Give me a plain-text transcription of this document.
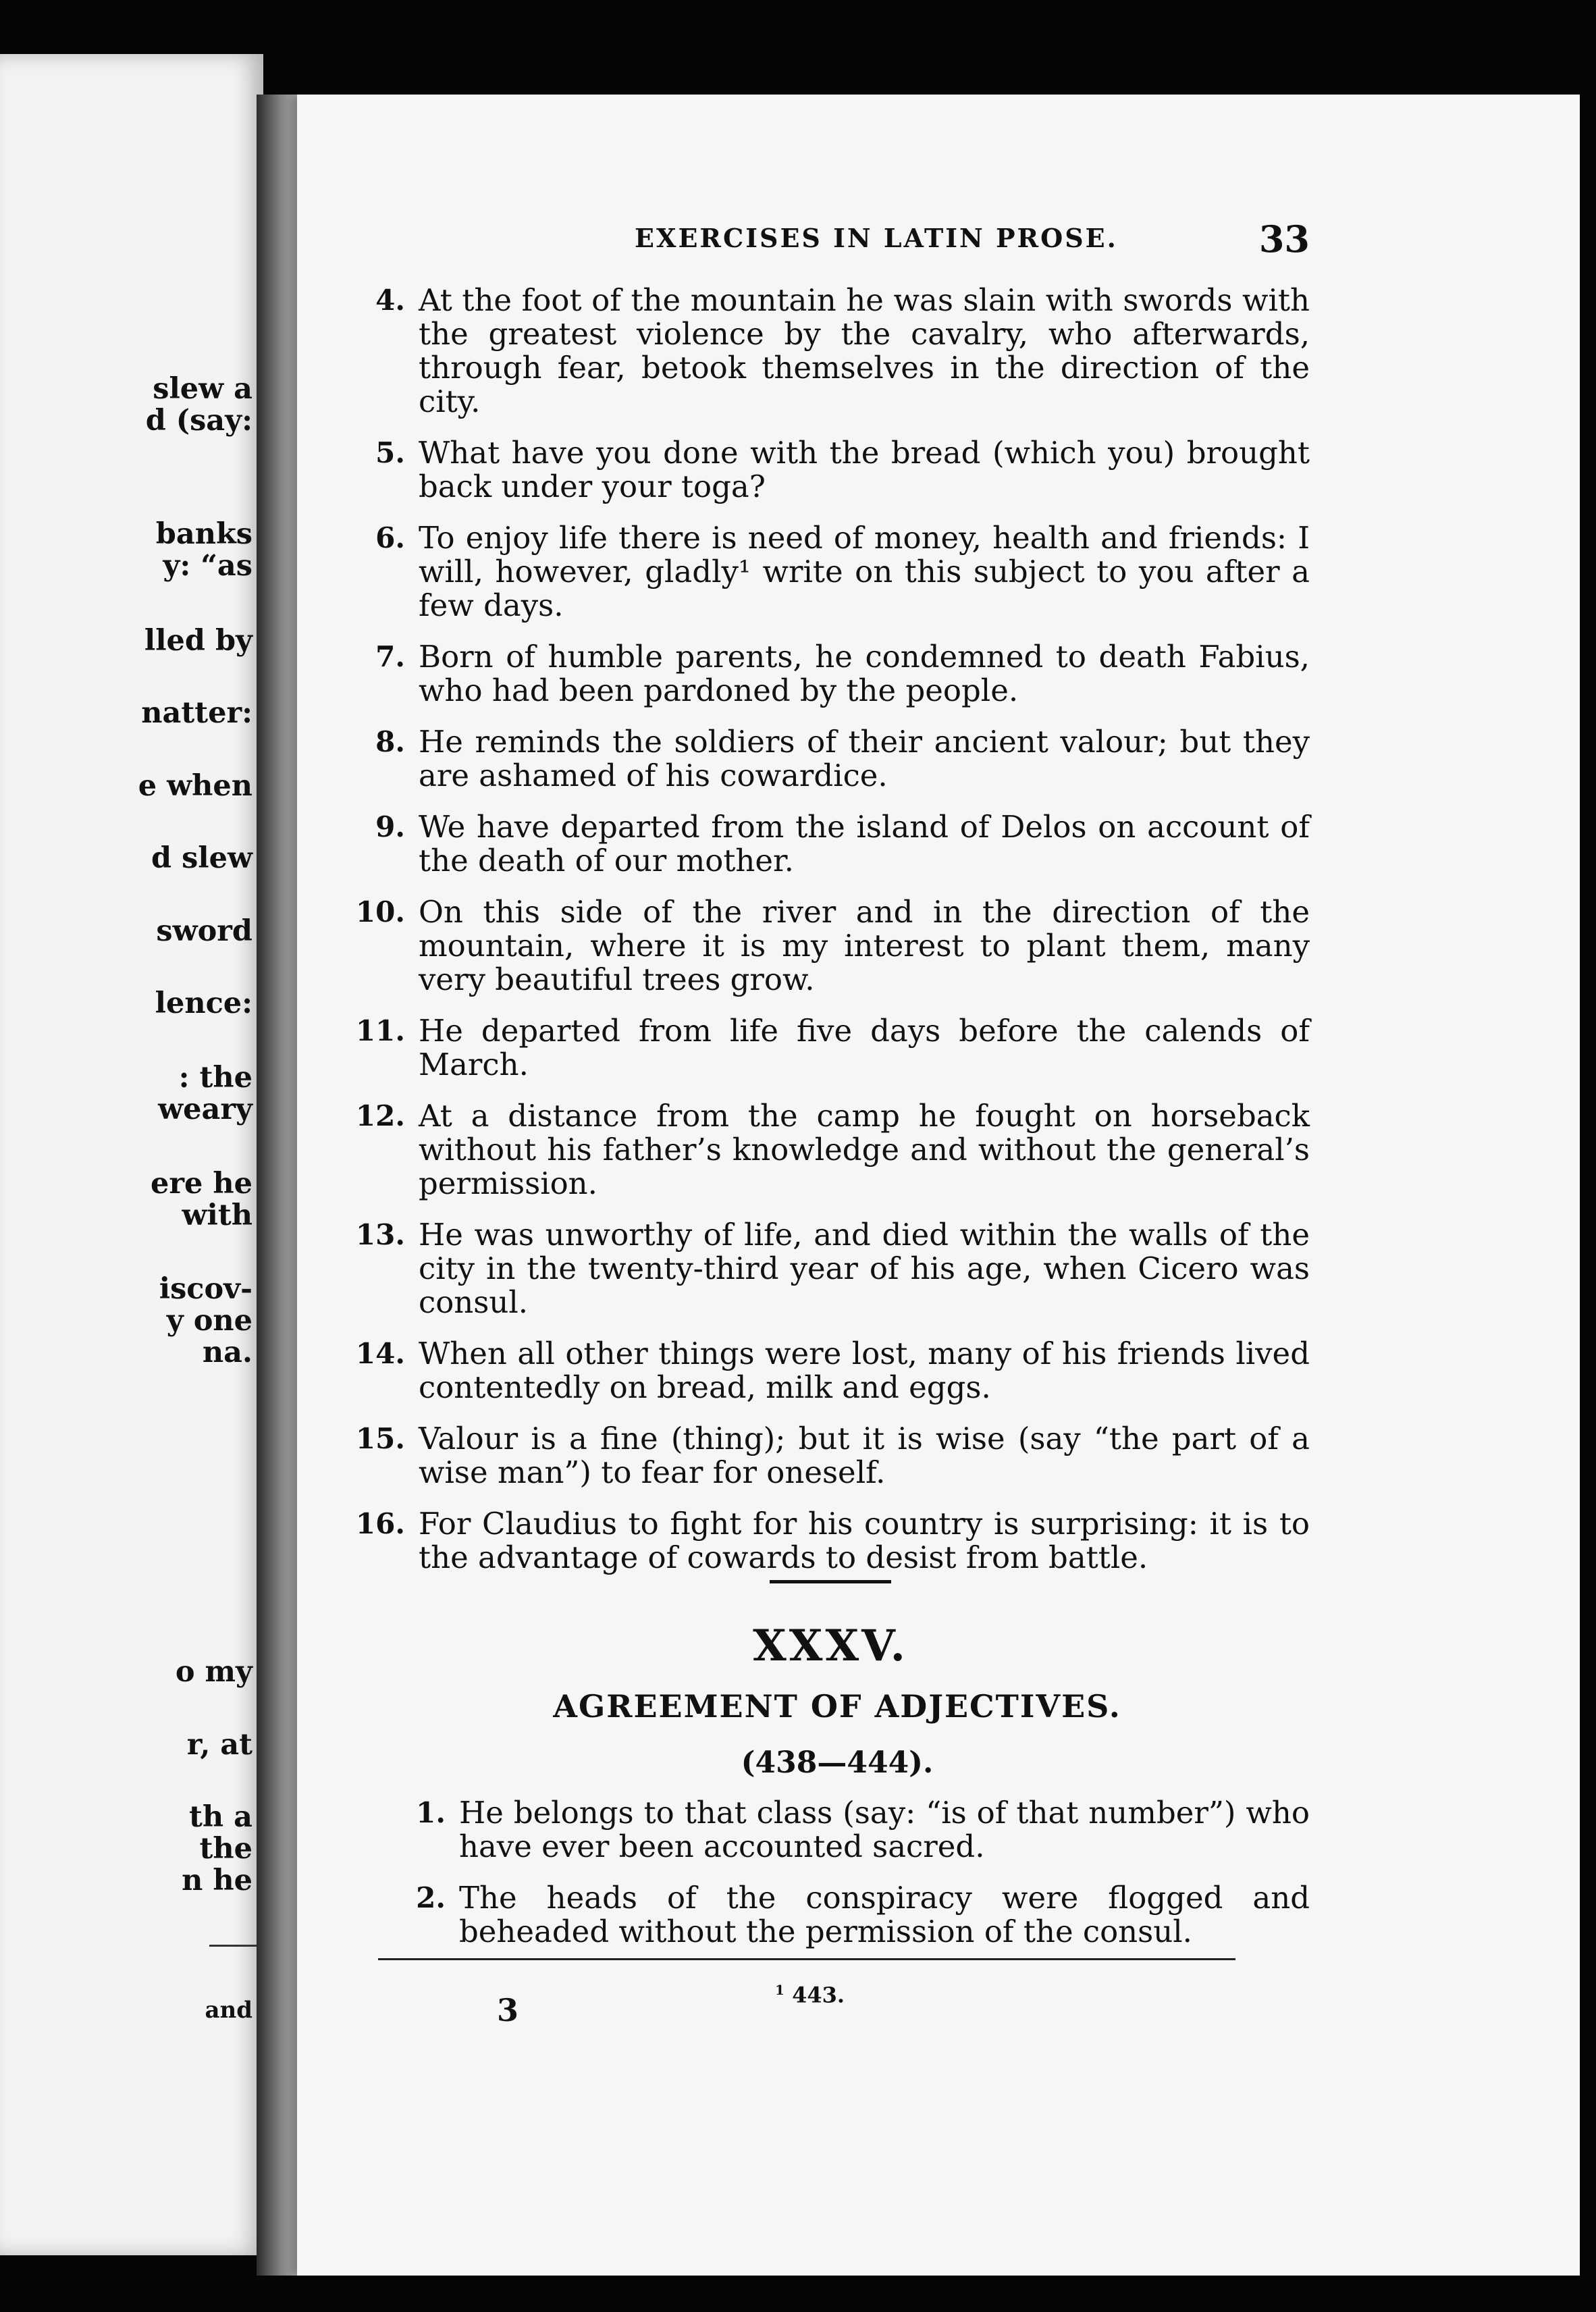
slew a
d (say:
banks
y: “as
lled by
natter:
e when
d slew
sword
lence:
: the
weary
ere he
with
iscov-
y one
na.
o my
r, at
th a
the
n he
and
EXERCISES IN LATIN PROSE.	33
4. At the foot of the mountain he was slain with swords with the greatest violence by the cavalry, who afterwards, through fear, betook themselves in the direction of the city.
5. What have you done with the bread (which you) brought back under your toga?
6. To enjoy life there is need of money, health and friends: I will, however, gladly¹ write on this subject to you after a few days.
7. Born of humble parents, he condemned to death Fabius, who had been pardoned by the people.
8. He reminds the soldiers of their ancient valour; but they are ashamed of his cowardice.
9. We have departed from the island of Delos on account of the death of our mother.
10. On this side of the river and in the direction of the mountain, where it is my interest to plant them, many very beautiful trees grow.
11. He departed from life five days before the calends of March.
12. At a distance from the camp he fought on horseback without his father’s knowledge and without the general’s permission.
13. He was unworthy of life, and died within the walls of the city in the twenty-third year of his age, when Cicero was consul.
14. When all other things were lost, many of his friends lived contentedly on bread, milk and eggs.
15. Valour is a fine (thing); but it is wise (say “the part of a wise man”) to fear for oneself.
16. For Claudius to fight for his country is surprising: it is to the advantage of cowards to desist from battle.
XXXV.
AGREEMENT OF ADJECTIVES.
(438—444).
1. He belongs to that class (say: “is of that number”) who have ever been accounted sacred.
2. The heads of the conspiracy were flogged and beheaded without the permission of the consul.
3
$^1$ 443.
